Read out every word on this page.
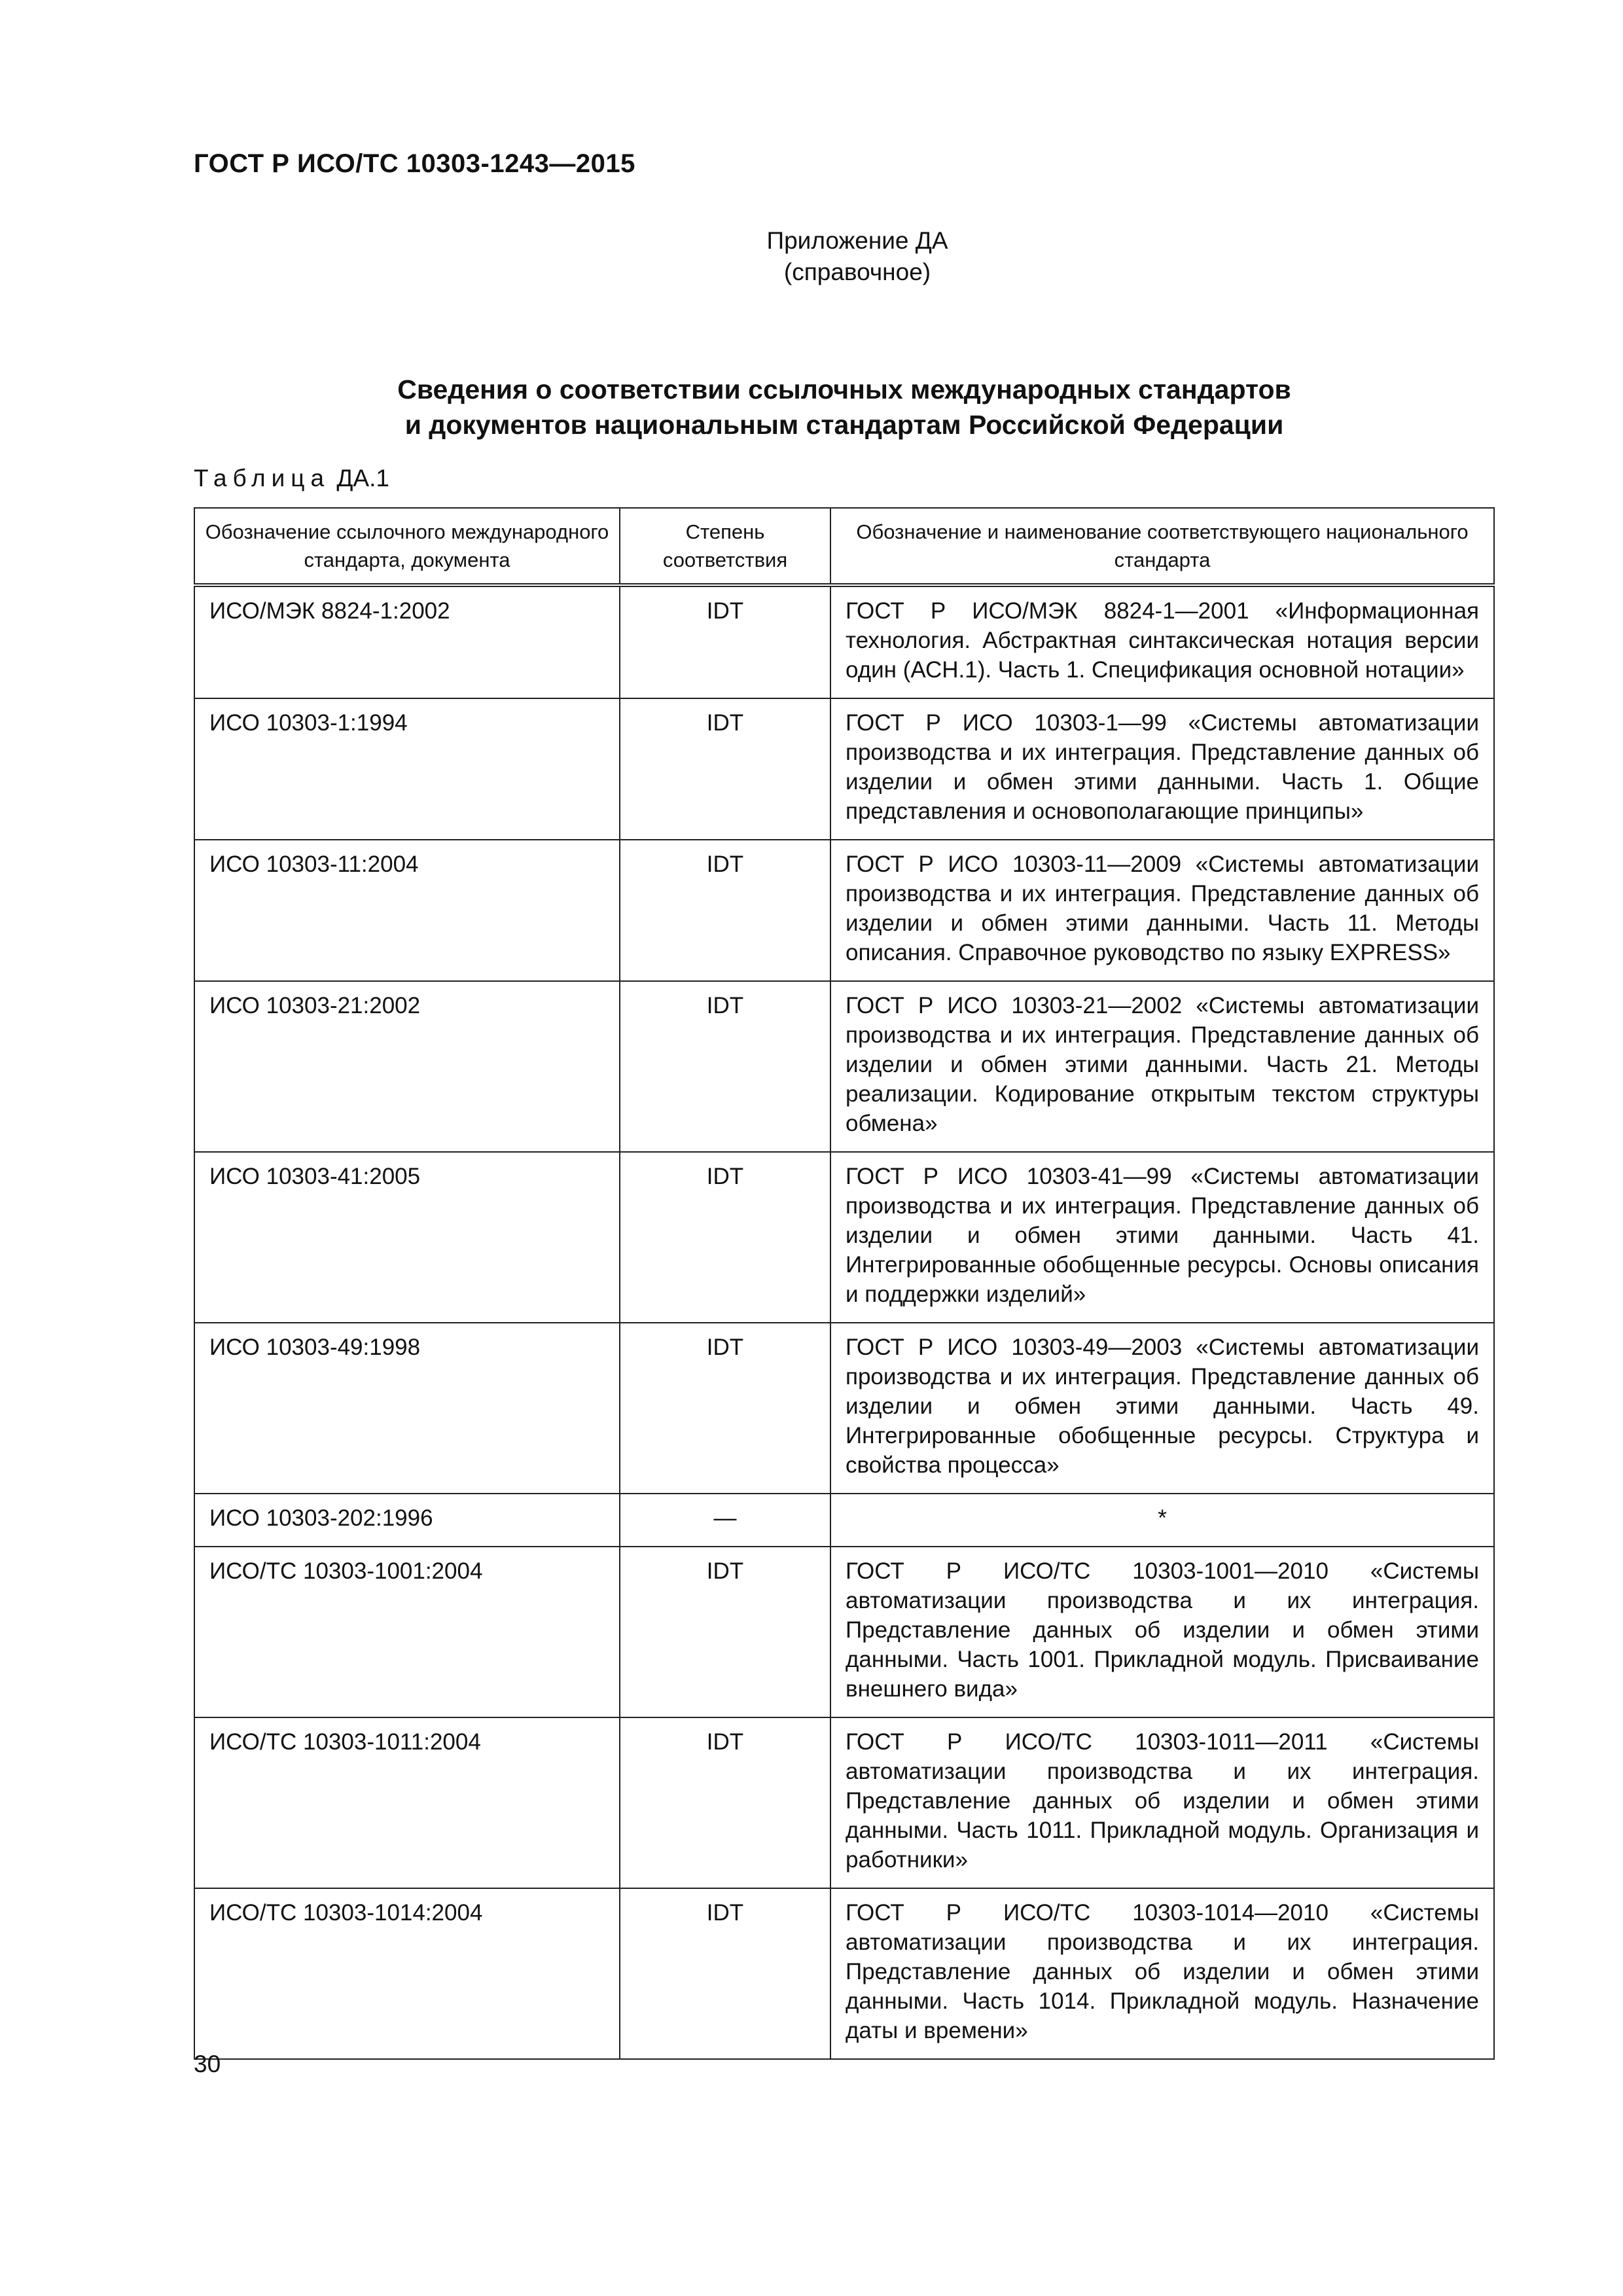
ГОСТ Р ИСО/ТС 10303-1243—2015
Приложение ДА
(справочное)
Сведения о соответствии ссылочных международных стандартов
и документов национальным стандартам Российской Федерации
Таблица ДА.1
Обозначение ссылочного международного стандарта, документа	Степень соответствия	Обозначение и наименование соответствующего национального стандарта
ИСО/МЭК 8824-1:2002	IDT	ГОСТ Р ИСО/МЭК 8824-1—2001 «Информационная технология. Абстрактная синтаксическая нотация версии один (АСН.1). Часть 1. Спецификация основной нотации»
ИСО 10303-1:1994	IDT	ГОСТ Р ИСО 10303-1—99 «Системы автоматизации производства и их интеграция. Представление данных об изделии и обмен этими данными. Часть 1. Общие представления и основополагающие принципы»
ИСО 10303-11:2004	IDT	ГОСТ Р ИСО 10303-11—2009 «Системы автоматизации производства и их интеграция. Представление данных об изделии и обмен этими данными. Часть 11. Методы описания. Справочное руководство по языку EXPRESS»
ИСО 10303-21:2002	IDT	ГОСТ Р ИСО 10303-21—2002 «Системы автоматизации производства и их интеграция. Представление данных об изделии и обмен этими данными. Часть 21. Методы реализации. Кодирование открытым текстом структуры обмена»
ИСО 10303-41:2005	IDT	ГОСТ Р ИСО 10303-41—99 «Системы автоматизации производства и их интеграция. Представление данных об изделии и обмен этими данными. Часть 41. Интегрированные обобщенные ресурсы. Основы описания и поддержки изделий»
ИСО 10303-49:1998	IDT	ГОСТ Р ИСО 10303-49—2003 «Системы автоматизации производства и их интеграция. Представление данных об изделии и обмен этими данными. Часть 49. Интегрированные обобщенные ресурсы. Структура и свойства процесса»
ИСО 10303-202:1996	—	*
ИСО/ТС 10303-1001:2004	IDT	ГОСТ Р ИСО/ТС 10303-1001—2010 «Системы автоматизации производства и их интеграция. Представление данных об изделии и обмен этими данными. Часть 1001. Прикладной модуль. Присваивание внешнего вида»
ИСО/ТС 10303-1011:2004	IDT	ГОСТ Р ИСО/ТС 10303-1011—2011 «Системы автоматизации производства и их интеграция. Представление данных об изделии и обмен этими данными. Часть 1011. Прикладной модуль. Организация и работники»
ИСО/ТС 10303-1014:2004	IDT	ГОСТ Р ИСО/ТС 10303-1014—2010 «Системы автоматизации производства и их интеграция. Представление данных об изделии и обмен этими данными. Часть 1014. Прикладной модуль. Назначение даты и времени»
30
